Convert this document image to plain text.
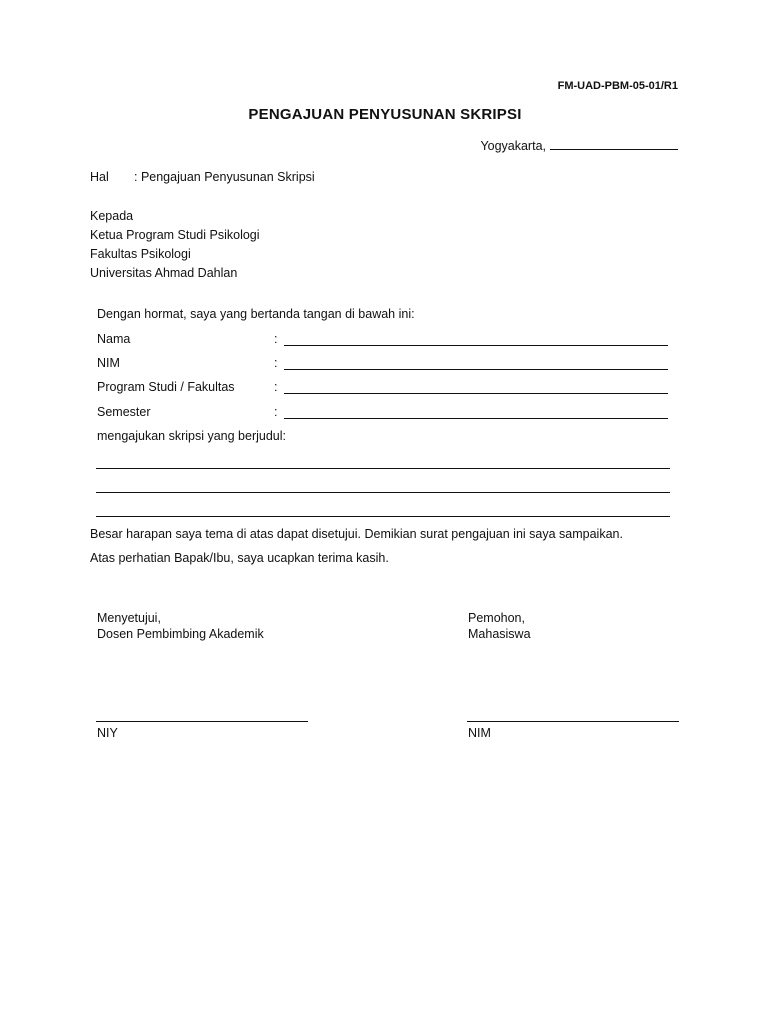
FM-UAD-PBM-05-01/R1
PENGAJUAN PENYUSUNAN SKRIPSI
Yogyakarta,
Hal : Pengajuan Penyusunan Skripsi
Kepada
Ketua Program Studi Psikologi
Fakultas Psikologi
Universitas Ahmad Dahlan
Dengan hormat, saya yang bertanda tangan di bawah ini:
Nama	:
NIM	:
Program Studi / Fakultas	:
Semester	:
mengajukan skripsi yang berjudul:
Besar harapan saya tema di atas dapat disetujui. Demikian surat pengajuan ini saya sampaikan.
Atas perhatian Bapak/Ibu, saya ucapkan terima kasih.
Menyetujui,
Dosen Pembimbing Akademik
Pemohon,
Mahasiswa
NIY	NIM
